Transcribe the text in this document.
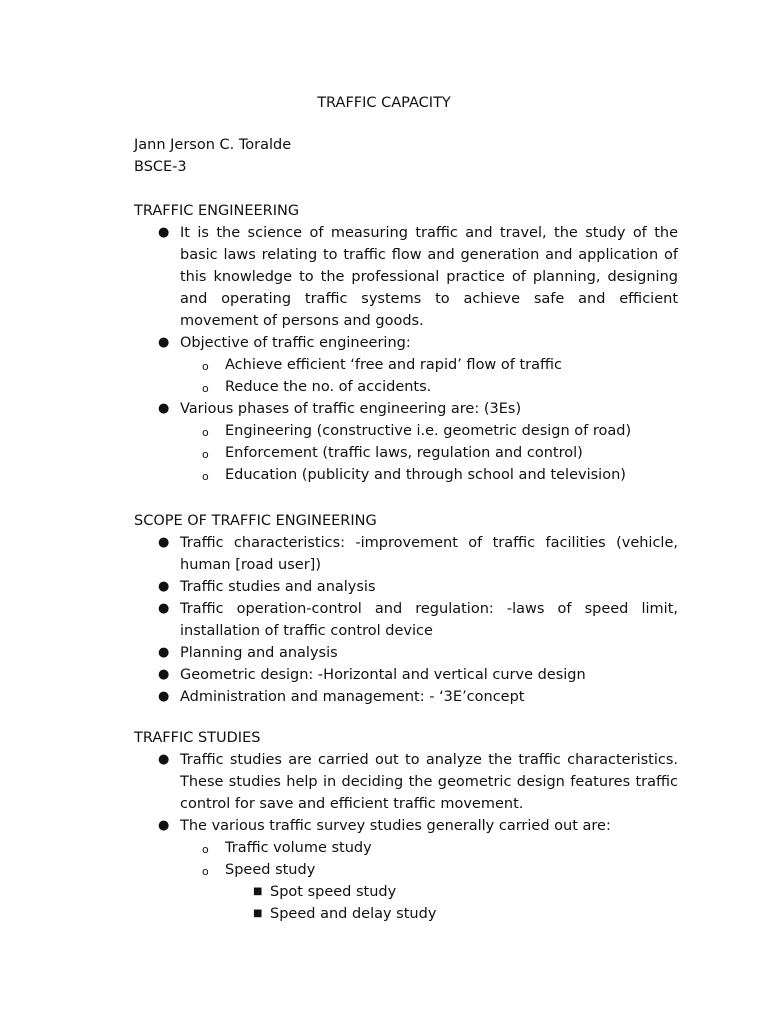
TRAFFIC CAPACITY
Jann Jerson C. Toralde
BSCE-3
TRAFFIC ENGINEERING
● It is the science of measuring traffic and travel, the study of the basic laws relating to traffic flow and generation and application of this knowledge to the professional practice of planning, designing and operating traffic systems to achieve safe and efficient movement of persons and goods.
● Objective of traffic engineering:
o Achieve efficient ‘free and rapid’ flow of traffic
o Reduce the no. of accidents.
● Various phases of traffic engineering are: (3Es)
o Engineering (constructive i.e. geometric design of road)
o Enforcement (traffic laws, regulation and control)
o Education (publicity and through school and television)
SCOPE OF TRAFFIC ENGINEERING
● Traffic characteristics: -improvement of traffic facilities (vehicle, human [road user])
● Traffic studies and analysis
● Traffic operation-control and regulation: -laws of speed limit, installation of traffic control device
● Planning and analysis
● Geometric design: -Horizontal and vertical curve design
● Administration and management: - ‘3E’concept
TRAFFIC STUDIES
● Traffic studies are carried out to analyze the traffic characteristics. These studies help in deciding the geometric design features traffic control for save and efficient traffic movement.
● The various traffic survey studies generally carried out are:
o Traffic volume study
o Speed study
■ Spot speed study
■ Speed and delay study
